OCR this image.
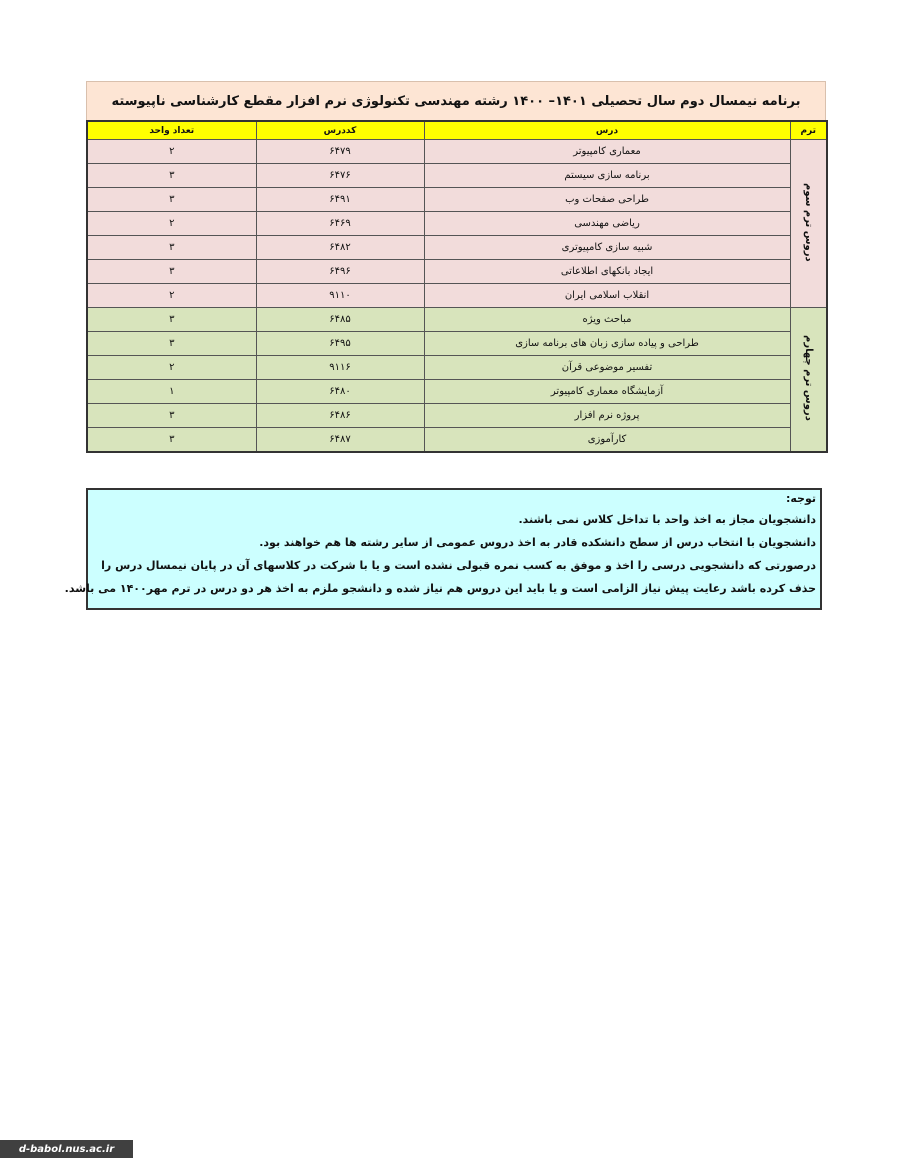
برنامه نیمسال دوم سال تحصیلی ۱۴۰۱– ۱۴۰۰ رشته مهندسی تکنولوژی نرم افزار مقطع کارشناسی ناپیوسته
ترم	درس	کددرس	تعداد واحد
دروس ترم سوم	معماری کامپیوتر	۶۴۷۹	۲
	برنامه سازی سیستم	۶۴۷۶	۳
	طراحی صفحات وب	۶۴۹۱	۳
	ریاضی مهندسی	۶۴۶۹	۲
	شبیه سازی کامپیوتری	۶۴۸۲	۳
	ایجاد بانکهای اطلاعاتی	۶۴۹۶	۳
	انقلاب اسلامی ایران	۹۱۱۰	۲
دروس ترم چهارم	مباحث ویژه	۶۴۸۵	۳
	طراحی و پیاده سازی زبان های برنامه سازی	۶۴۹۵	۳
	تفسیر موضوعی قرآن	۹۱۱۶	۲
	آزمایشگاه معماری کامپیوتر	۶۴۸۰	۱
	پروژه نرم افزار	۶۴۸۶	۳
	کارآموزی	۶۴۸۷	۳
توجه:
دانشجویان مجاز به اخذ واحد با تداخل کلاس نمی باشند.
دانشجویان با انتخاب درس از سطح دانشکده قادر به اخذ دروس عمومی از سایر رشته ها هم خواهند بود.
درصورتی که دانشجویی درسی را اخذ و موفق به کسب نمره قبولی نشده است و یا با شرکت در کلاسهای آن در پایان نیمسال درس را
حذف کرده باشد رعایت پیش نیاز الزامی است و یا باید این دروس هم نیاز شده و دانشجو ملزم به اخذ هر دو درس در ترم مهر۱۴۰۰ می باشد.
d-babol.nus.ac.ir
